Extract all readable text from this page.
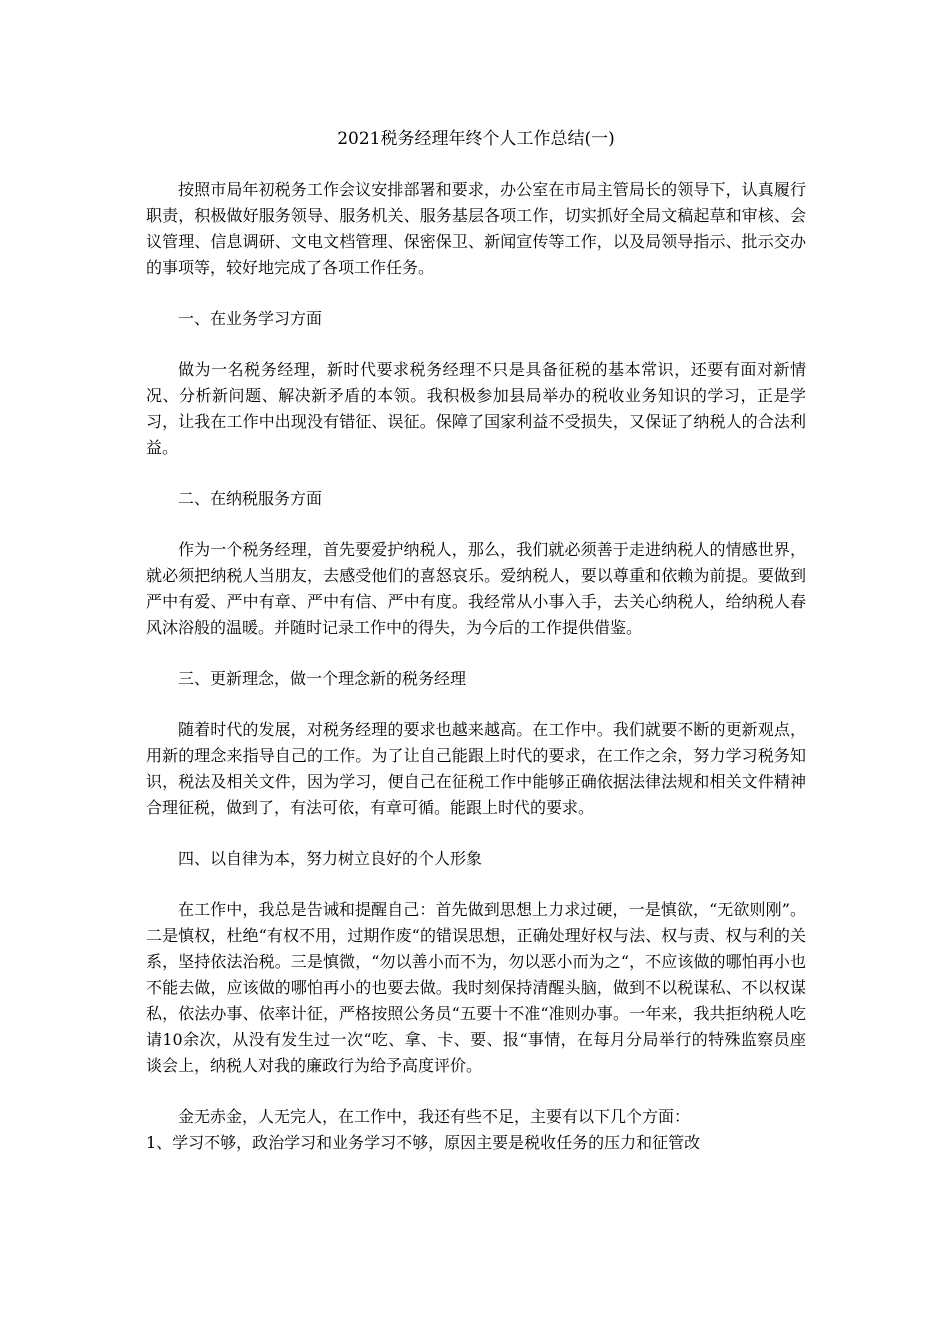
2021税务经理年终个人工作总结(一)

按照市局年初税务工作会议安排部署和要求，办公室在市局主管局长的领导下，认真履行职责，积极做好服务领导、服务机关、服务基层各项工作，切实抓好全局文稿起草和审核、会议管理、信息调研、文电文档管理、保密保卫、新闻宣传等工作，以及局领导指示、批示交办的事项等，较好地完成了各项工作任务。

一、在业务学习方面

做为一名税务经理，新时代要求税务经理不只是具备征税的基本常识，还要有面对新情况、分析新问题、解决新矛盾的本领。我积极参加县局举办的税收业务知识的学习，正是学习，让我在工作中出现没有错征、误征。保障了国家利益不受损失，又保证了纳税人的合法利益。

二、在纳税服务方面

作为一个税务经理，首先要爱护纳税人，那么，我们就必须善于走进纳税人的情感世界，就必须把纳税人当朋友，去感受他们的喜怒哀乐。爱纳税人，要以尊重和依赖为前提。要做到严中有爱、严中有章、严中有信、严中有度。我经常从小事入手，去关心纳税人，给纳税人春风沐浴般的温暖。并随时记录工作中的得失，为今后的工作提供借鉴。

三、更新理念，做一个理念新的税务经理

随着时代的发展，对税务经理的要求也越来越高。在工作中。我们就要不断的更新观点，用新的理念来指导自己的工作。为了让自己能跟上时代的要求，在工作之余，努力学习税务知识，税法及相关文件，因为学习，便自己在征税工作中能够正确依据法律法规和相关文件精神合理征税，做到了，有法可依，有章可循。能跟上时代的要求。

四、以自律为本，努力树立良好的个人形象

在工作中，我总是告诫和提醒自己：首先做到思想上力求过硬，一是慎欲，“无欲则刚”。二是慎权，杜绝“有权不用，过期作废“的错误思想，正确处理好权与法、权与责、权与利的关系，坚持依法治税。三是慎微，“勿以善小而不为，勿以恶小而为之“，不应该做的哪怕再小也不能去做，应该做的哪怕再小的也要去做。我时刻保持清醒头脑，做到不以税谋私、不以权谋私，依法办事、依率计征，严格按照公务员“五要十不准“准则办事。一年来，我共拒纳税人吃请10余次，从没有发生过一次“吃、拿、卡、要、报“事情，在每月分局举行的特殊监察员座谈会上，纳税人对我的廉政行为给予高度评价。

金无赤金，人无完人，在工作中，我还有些不足，主要有以下几个方面：

1、学习不够，政治学习和业务学习不够，原因主要是税收任务的压力和征管改
